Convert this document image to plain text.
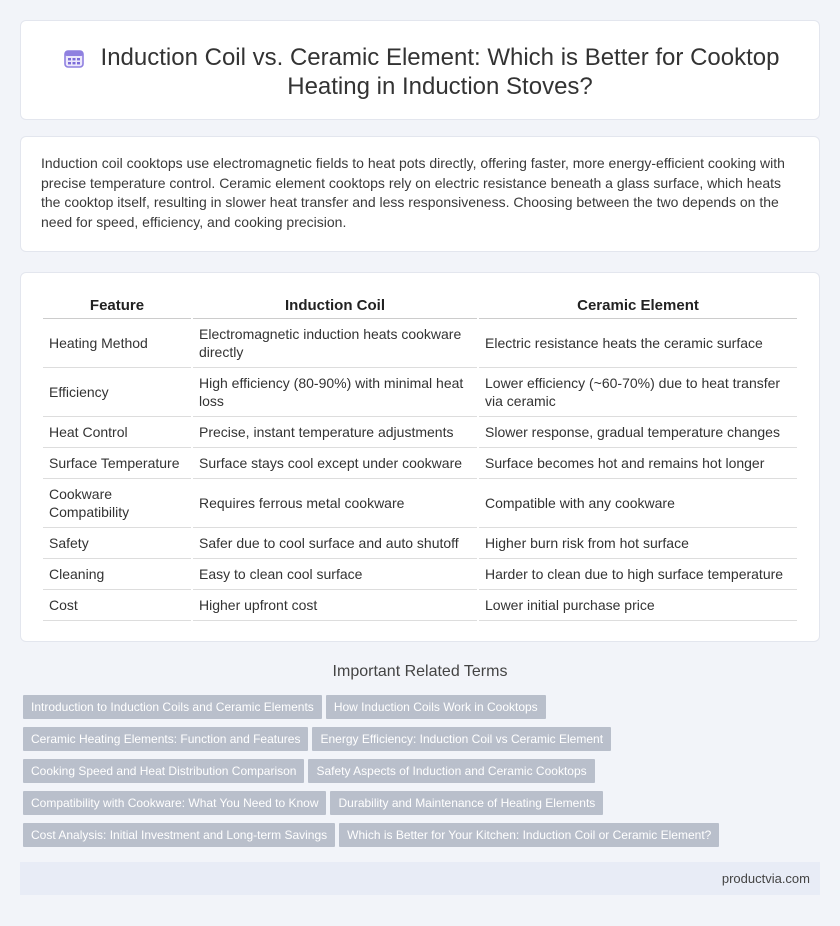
Induction Coil vs. Ceramic Element: Which is Better for Cooktop Heating in Induction Stoves?

Induction coil cooktops use electromagnetic fields to heat pots directly, offering faster, more energy-efficient cooking with precise temperature control. Ceramic element cooktops rely on electric resistance beneath a glass surface, which heats the cooktop itself, resulting in slower heat transfer and less responsiveness. Choosing between the two depends on the need for speed, efficiency, and cooking precision.

Feature	Induction Coil	Ceramic Element
Heating Method	Electromagnetic induction heats cookware directly	Electric resistance heats the ceramic surface
Efficiency	High efficiency (80-90%) with minimal heat loss	Lower efficiency (~60-70%) due to heat transfer via ceramic
Heat Control	Precise, instant temperature adjustments	Slower response, gradual temperature changes
Surface Temperature	Surface stays cool except under cookware	Surface becomes hot and remains hot longer
Cookware Compatibility	Requires ferrous metal cookware	Compatible with any cookware
Safety	Safer due to cool surface and auto shutoff	Higher burn risk from hot surface
Cleaning	Easy to clean cool surface	Harder to clean due to high surface temperature
Cost	Higher upfront cost	Lower initial purchase price
Important Related Terms
Introduction to Induction Coils and Ceramic Elements How Induction Coils Work in Cooktops
Ceramic Heating Elements: Function and Features Energy Efficiency: Induction Coil vs Ceramic Element
Cooking Speed and Heat Distribution Comparison Safety Aspects of Induction and Ceramic Cooktops
Compatibility with Cookware: What You Need to Know Durability and Maintenance of Heating Elements
Cost Analysis: Initial Investment and Long-term Savings Which is Better for Your Kitchen: Induction Coil or Ceramic Element?
productvia.com
